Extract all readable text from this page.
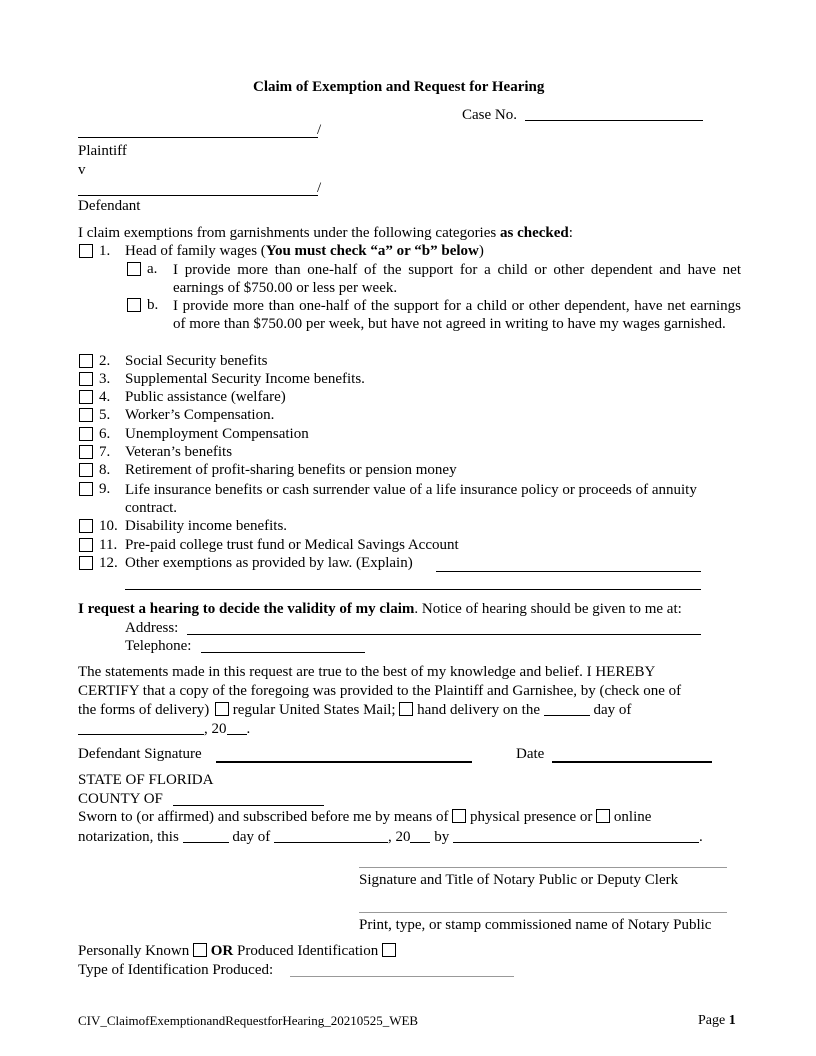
Claim of Exemption and Request for Hearing
Case No.
/
Plaintiff
v
/
Defendant
I claim exemptions from garnishments under the following categories as checked:
1. Head of family wages (You must check “a” or “b” below)
a. I provide more than one-half of the support for a child or other dependent and have net earnings of $750.00 or less per week.
b. I provide more than one-half of the support for a child or other dependent, have net earnings of more than $750.00 per week, but have not agreed in writing to have my wages garnished.
2. Social Security benefits
3. Supplemental Security Income benefits.
4. Public assistance (welfare)
5. Worker’s Compensation.
6. Unemployment Compensation
7. Veteran’s benefits
8. Retirement of profit-sharing benefits or pension money
9. Life insurance benefits or cash surrender value of a life insurance policy or proceeds of annuity contract.
10. Disability income benefits.
11. Pre-paid college trust fund or Medical Savings Account
12. Other exemptions as provided by law. (Explain)
I request a hearing to decide the validity of my claim. Notice of hearing should be given to me at:
Address:
Telephone:
The statements made in this request are true to the best of my knowledge and belief. I HEREBY
CERTIFY that a copy of the foregoing was provided to the Plaintiff and Garnishee, by (check one of
the forms of delivery) regular United States Mail; hand delivery on the	day of
, 20 .
Defendant Signature	Date
STATE OF FLORIDA
COUNTY OF
Sworn to (or affirmed) and subscribed before me by means of physical presence or online
notarization, this	day of	, 20 by	.
Signature and Title of Notary Public or Deputy Clerk
Print, type, or stamp commissioned name of Notary Public
Personally Known OR Produced Identification
Type of Identification Produced:
CIV_ClaimofExemptionandRequestforHearing_20210525_WEB	Page 1
